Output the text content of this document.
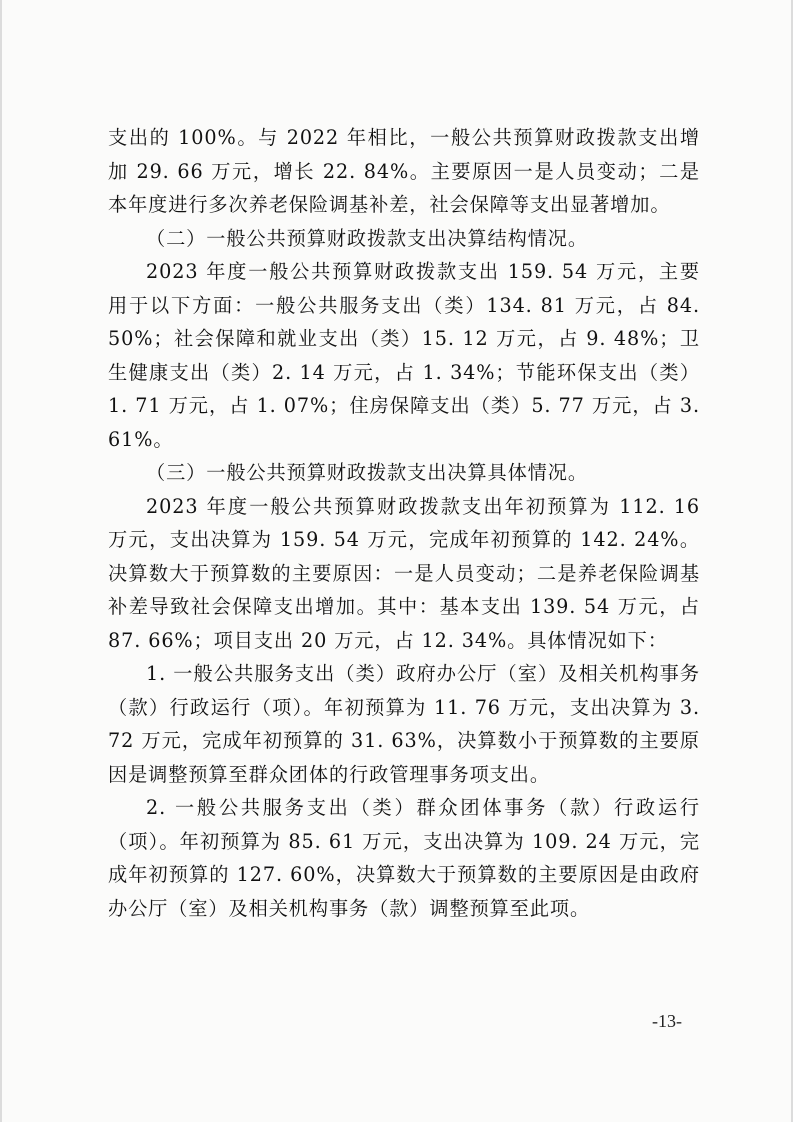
支出的 100%。与 2022 年相比，一般公共预算财政拨款支出增加 29. 66 万元，增长 22. 84%。主要原因一是人员变动；二是本年度进行多次养老保险调基补差，社会保障等支出显著增加。

（二）一般公共预算财政拨款支出决算结构情况。

2023 年度一般公共预算财政拨款支出 159. 54 万元，主要用于以下方面：一般公共服务支出（类）134. 81 万元，占 84. 50%；社会保障和就业支出（类）15. 12 万元，占 9. 48%；卫生健康支出（类）2. 14 万元，占 1. 34%；节能环保支出（类）1. 71 万元，占 1. 07%；住房保障支出（类）5. 77 万元，占 3. 61%。

（三）一般公共预算财政拨款支出决算具体情况。

2023 年度一般公共预算财政拨款支出年初预算为 112. 16 万元，支出决算为 159. 54 万元，完成年初预算的 142. 24%。决算数大于预算数的主要原因：一是人员变动；二是养老保险调基补差导致社会保障支出增加。其中：基本支出 139. 54 万元，占 87. 66%；项目支出 20 万元，占 12. 34%。具体情况如下：

1. 一般公共服务支出（类）政府办公厅（室）及相关机构事务（款）行政运行（项）。年初预算为 11. 76 万元，支出决算为 3. 72 万元，完成年初预算的 31. 63%，决算数小于预算数的主要原因是调整预算至群众团体的行政管理事务项支出。

2. 一般公共服务支出（类）群众团体事务（款）行政运行（项）。年初预算为 85. 61 万元，支出决算为 109. 24 万元，完成年初预算的 127. 60%，决算数大于预算数的主要原因是由政府办公厅（室）及相关机构事务（款）调整预算至此项。

-13-
